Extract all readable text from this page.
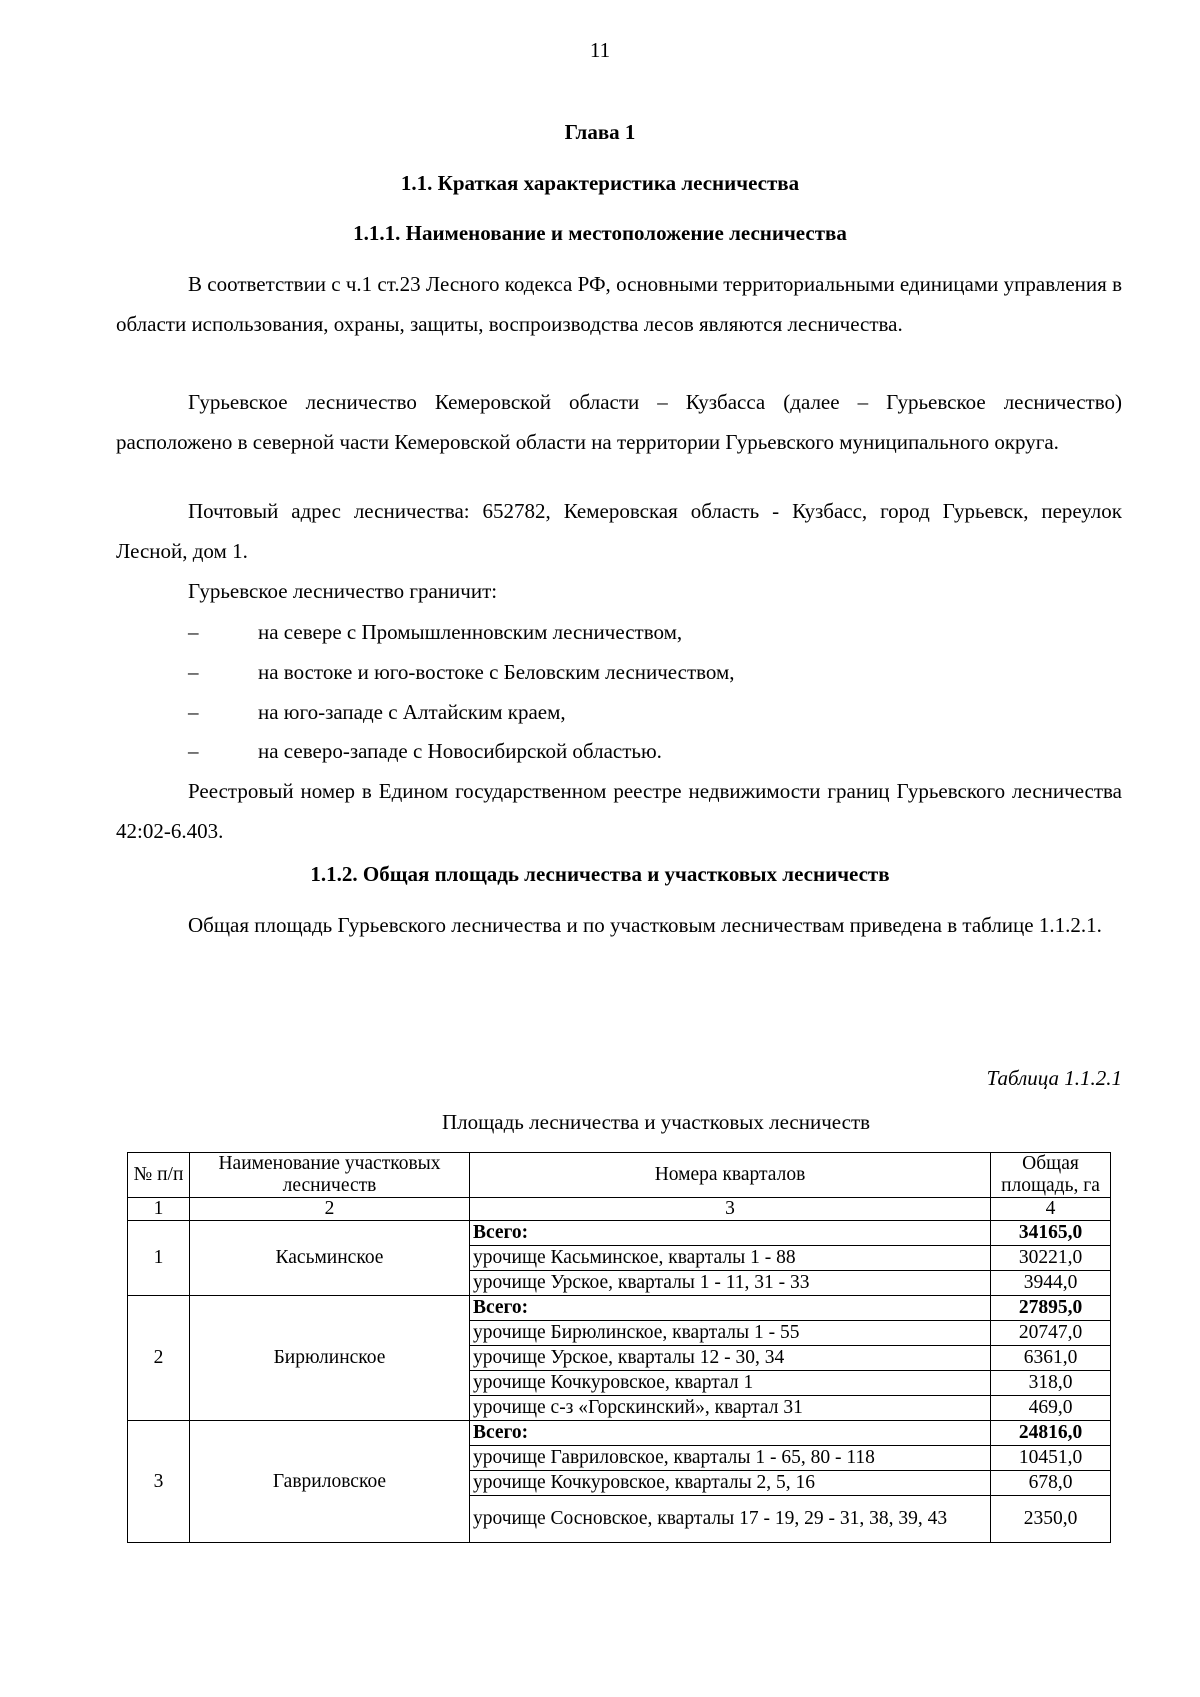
11
Глава 1
1.1. Краткая характеристика лесничества
1.1.1. Наименование и местоположение лесничества
В соответствии с ч.1 ст.23 Лесного кодекса РФ, основными территориальными единицами управления в области использования, охраны, защиты, воспроизводства лесов являются лесничества.
Гурьевское лесничество Кемеровской области – Кузбасса (далее – Гурьевское лесничество) расположено в северной части Кемеровской области на территории Гурьевского муниципального округа.
Почтовый адрес лесничества: 652782, Кемеровская область - Кузбасс, город Гурьевск, переулок Лесной, дом 1.
Гурьевское лесничество граничит:
–	на севере с Промышленновским лесничеством,
–	на востоке и юго-востоке с Беловским лесничеством,
–	на юго-западе с Алтайским краем,
–	на северо-западе с Новосибирской областью.
Реестровый номер в Едином государственном реестре недвижимости границ Гурьевского лесничества 42:02-6.403.
1.1.2. Общая площадь лесничества и участковых лесничеств
Общая площадь Гурьевского лесничества и по участковым лесничествам приведена в таблице 1.1.2.1.
Таблица 1.1.2.1
Площадь лесничества и участковых лесничеств
№ п/п	Наименование участковых лесничеств	Номера кварталов	Общая площадь, га
1	2	3	4
1	Касьминское	Всего:	34165,0
		урочище Касьминское, кварталы 1 - 88	30221,0
		урочище Урское, кварталы 1 - 11, 31 - 33	3944,0
2	Бирюлинское	Всего:	27895,0
		урочище Бирюлинское, кварталы 1 - 55	20747,0
		урочище Урское, кварталы 12 - 30, 34	6361,0
		урочище Кочкуровское, квартал 1	318,0
		урочище с-з «Горскинский», квартал 31	469,0
3	Гавриловское	Всего:	24816,0
		урочище Гавриловское, кварталы 1 - 65, 80 - 118	10451,0
		урочище Кочкуровское, кварталы 2, 5, 16	678,0
		урочище Сосновское, кварталы 17 - 19, 29 - 31, 38, 39, 43	2350,0
